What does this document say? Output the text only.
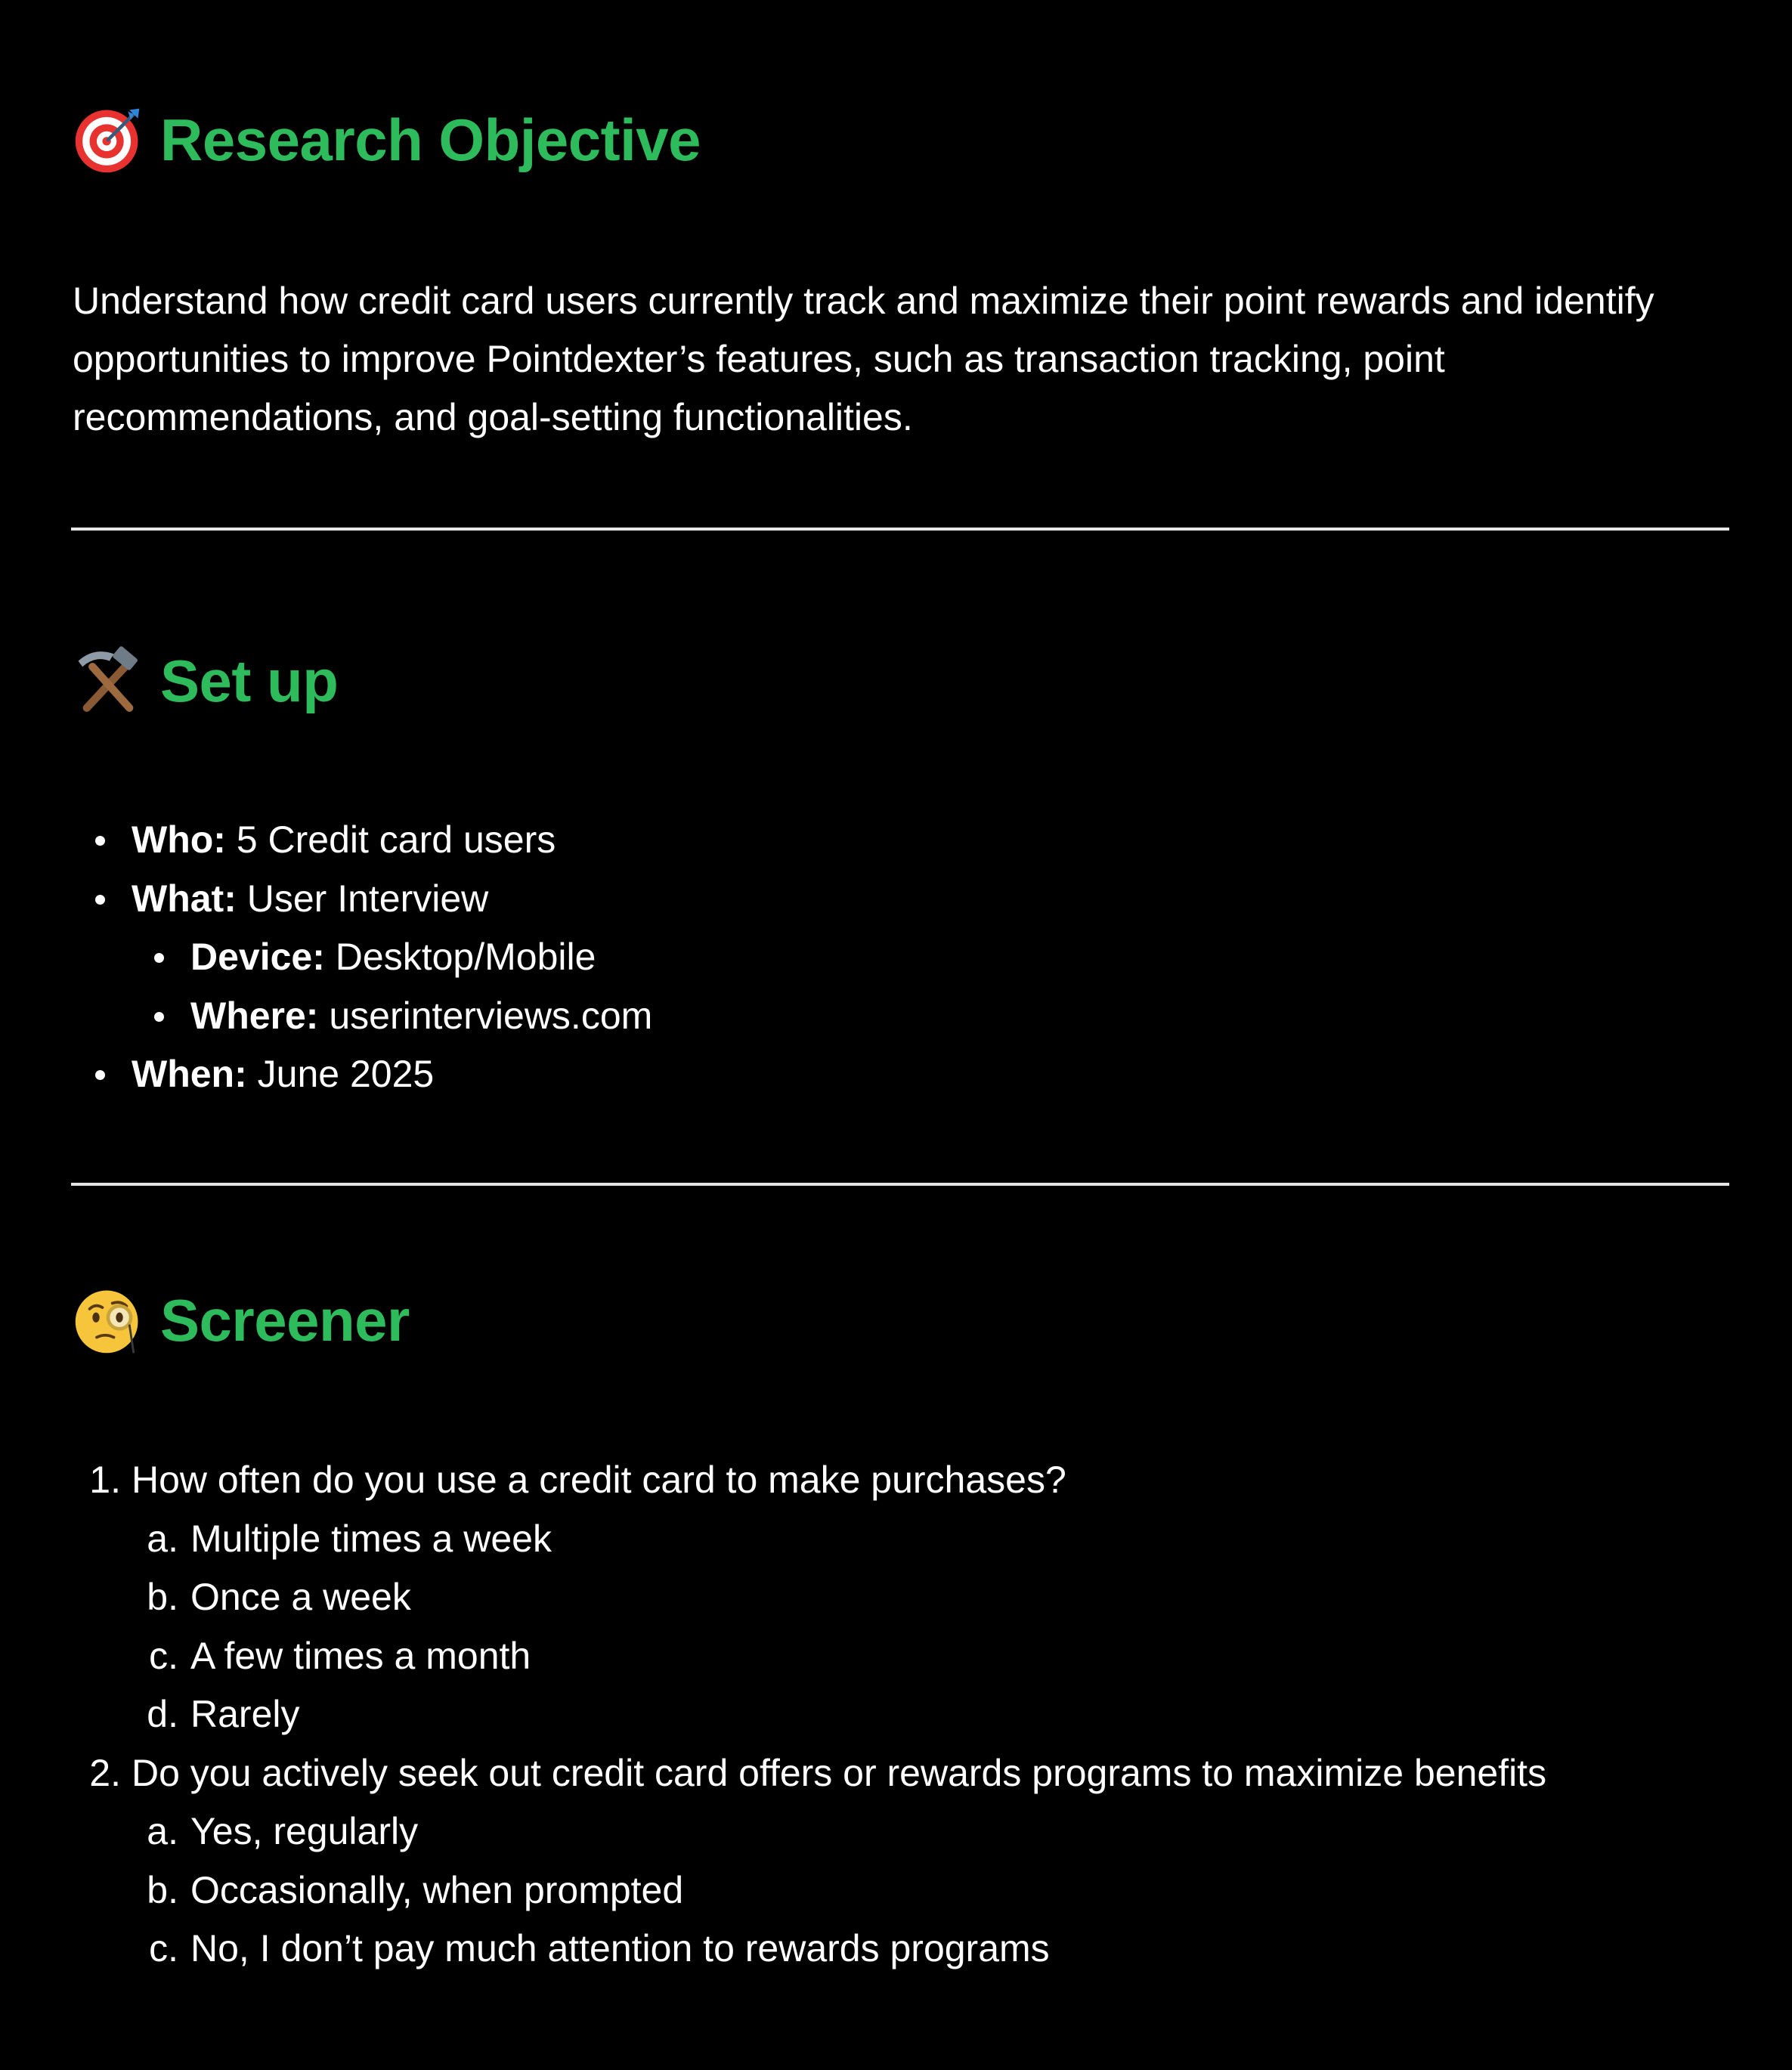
Research Objective
Understand how credit card users currently track and maximize their point rewards and identify opportunities to improve Pointdexter’s features, such as transaction tracking, point recommendations, and goal-setting functionalities.
Set up
Who: 5 Credit card users
What: User Interview
Device: Desktop/Mobile
Where: userinterviews.com
When: June 2025
Screener
1. How often do you use a credit card to make purchases?
a. Multiple times a week
b. Once a week
c. A few times a month
d. Rarely
2. Do you actively seek out credit card offers or rewards programs to maximize benefits
a. Yes, regularly
b. Occasionally, when prompted
c. No, I don’t pay much attention to rewards programs
